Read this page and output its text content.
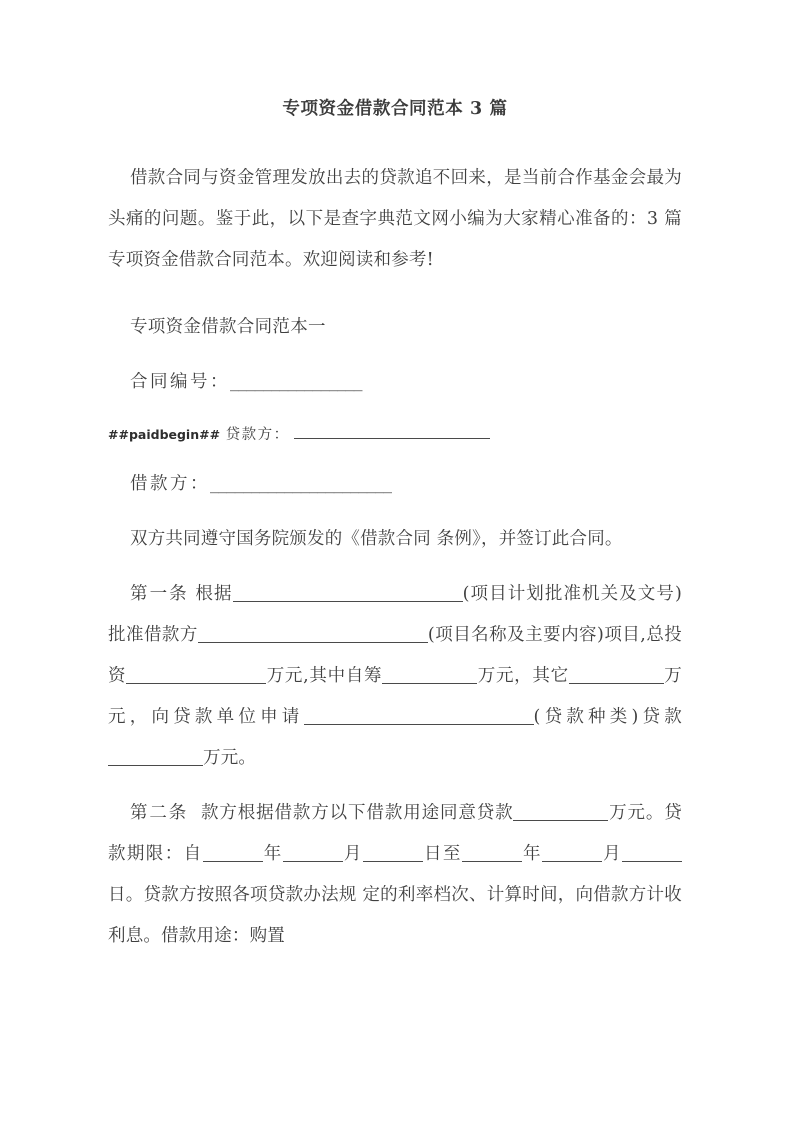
专项资金借款合同范本 3 篇

借款合同与资金管理发放出去的贷款追不回来，是当前合作基金会最为头痛的问题。鉴于此，以下是查字典范文网小编为大家精心准备的：3 篇专项资金借款合同范本。欢迎阅读和参考!

专项资金借款合同范本一

合同编号：________________

##paidbegin## 贷款方：

借款方：______________________

双方共同遵守国务院颁发的《借款合同 条例》，并签订此合同。

第一条 根据	(项目计划批准机关及文号)批准借款方	(项目名称及主要内容)项目,总投资	万元,其中自筹	万元，其它	万元，向贷款单位申请	(贷款种类)贷款万元。

第二条 款方根据借款方以下借款用途同意贷款	万元。贷款期限：自	年	月	日至	年	月日。贷款方按照各项贷款办法规 定的利率档次、计算时间，向借款方计收利息。借款用途：购置
